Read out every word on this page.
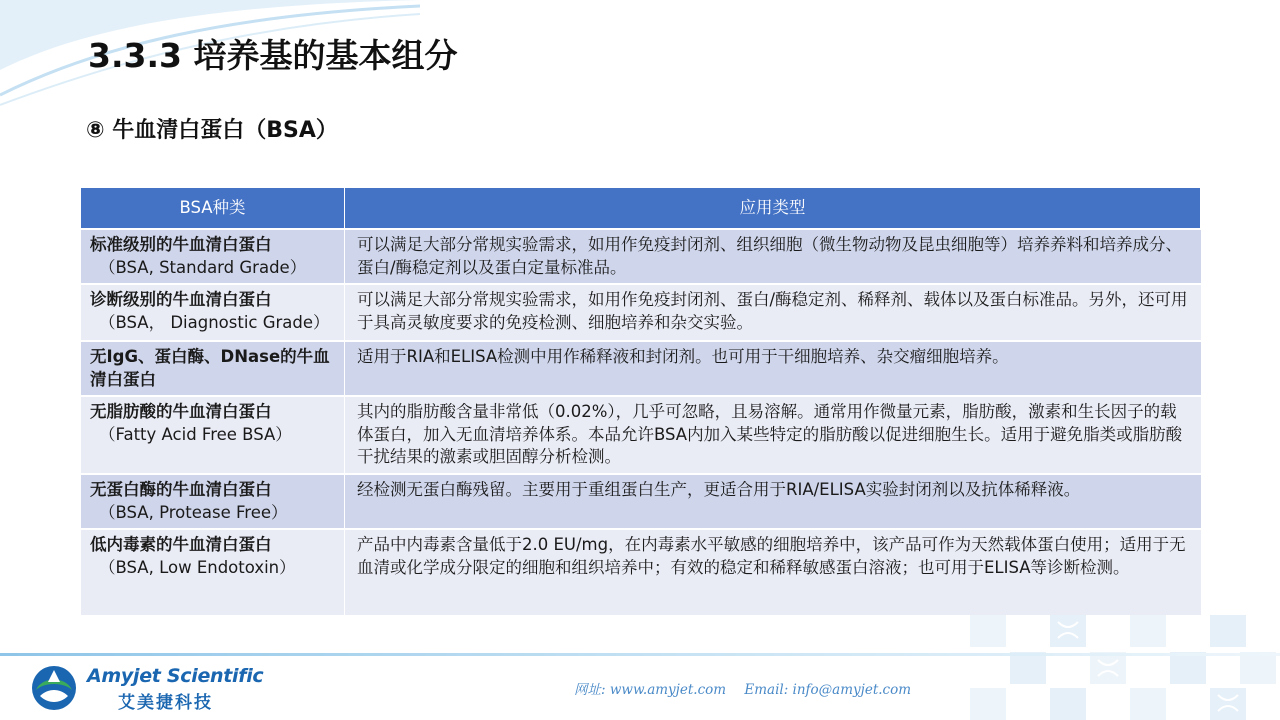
3.3.3 培养基的基本组分
⑧ 牛血清白蛋白（BSA）
BSA种类	应用类型

标准级别的牛血清白蛋白
（BSA, Standard Grade）	可以满足大部分常规实验需求，如用作免疫封闭剂、组织细胞（微生物动物及昆虫细胞等）培养养料和培养成分、蛋白/酶稳定剂以及蛋白定量标准品。

诊断级别的牛血清白蛋白
（BSA， Diagnostic Grade）	可以满足大部分常规实验需求，如用作免疫封闭剂、蛋白/酶稳定剂、稀释剂、载体以及蛋白标准品。另外，还可用于具高灵敏度要求的免疫检测、细胞培养和杂交实验。

无IgG、蛋白酶、DNase的牛血清白蛋白	适用于RIA和ELISA检测中用作稀释液和封闭剂。也可用于干细胞培养、杂交瘤细胞培养。

无脂肪酸的牛血清白蛋白
（Fatty Acid Free BSA）	其内的脂肪酸含量非常低（0.02%），几乎可忽略，且易溶解。通常用作微量元素，脂肪酸，激素和生长因子的载体蛋白，加入无血清培养体系。本品允许BSA内加入某些特定的脂肪酸以促进细胞生长。适用于避免脂类或脂肪酸干扰结果的激素或胆固醇分析检测。

无蛋白酶的牛血清白蛋白
（BSA, Protease Free）	经检测无蛋白酶残留。主要用于重组蛋白生产，更适合用于RIA/ELISA实验封闭剂以及抗体稀释液。

低内毒素的牛血清白蛋白
（BSA, Low Endotoxin）	产品中内毒素含量低于2.0 EU/mg，在内毒素水平敏感的细胞培养中，该产品可作为天然载体蛋白使用；适用于无血清或化学成分限定的细胞和组织培养中；有效的稳定和稀释敏感蛋白溶液；也可用于ELISA等诊断检测。
Amyjet Scientific
艾美捷科技
网址: www.amyjet.com Email: info@amyjet.com
